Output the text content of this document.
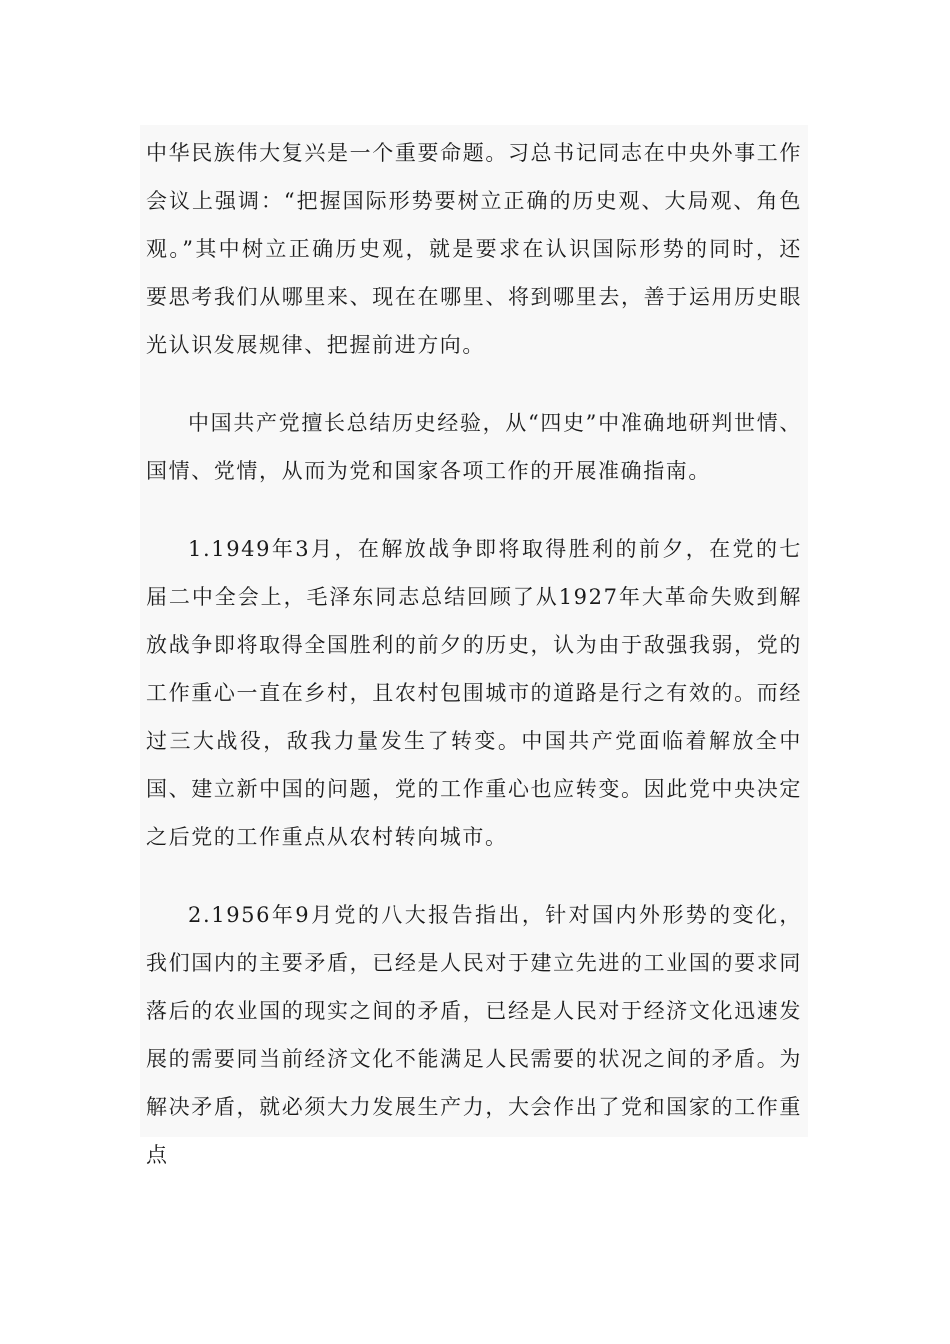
中华民族伟大复兴是一个重要命题。习总书记同志在中央外事工作会议上强调：“把握国际形势要树立正确的历史观、大局观、角色观。”其中树立正确历史观，就是要求在认识国际形势的同时，还要思考我们从哪里来、现在在哪里、将到哪里去，善于运用历史眼光认识发展规律、把握前进方向。

中国共产党擅长总结历史经验，从“四史”中准确地研判世情、国情、党情，从而为党和国家各项工作的开展准确指南。

1.1949年3月，在解放战争即将取得胜利的前夕，在党的七届二中全会上，毛泽东同志总结回顾了从1927年大革命失败到解放战争即将取得全国胜利的前夕的历史，认为由于敌强我弱，党的工作重心一直在乡村，且农村包围城市的道路是行之有效的。而经过三大战役，敌我力量发生了转变。中国共产党面临着解放全中国、建立新中国的问题，党的工作重心也应转变。因此党中央决定之后党的工作重点从农村转向城市。

2.1956年9月党的八大报告指出，针对国内外形势的变化，我们国内的主要矛盾，已经是人民对于建立先进的工业国的要求同落后的农业国的现实之间的矛盾，已经是人民对于经济文化迅速发展的需要同当前经济文化不能满足人民需要的状况之间的矛盾。为解决矛盾，就必须大力发展生产力，大会作出了党和国家的工作重点
